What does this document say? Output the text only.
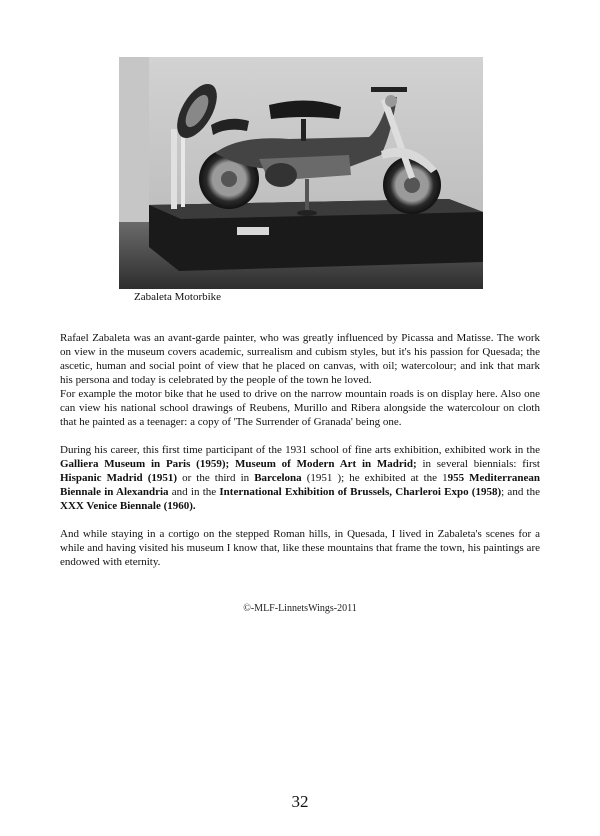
Zabaleta Motorbike

Rafael Zabaleta was an avant-garde painter, who was greatly influenced by Picassa and Matisse. The work on view in the museum covers academic, surrealism and cubism styles, but it's his passion for Quesada; the ascetic, human and social point of view that he placed on canvas, with oil; watercolour; and ink that mark his persona and today is celebrated by the people of the town he loved.

For example the motor bike that he used to drive on the narrow mountain roads is on display here. Also one can view his national school drawings of Reubens, Murillo and Ribera alongside the watercolour on cloth that he painted as a teenager: a copy of 'The Surrender of Granada' being one.

During his career, this first time participant of the 1931 school of fine arts exhibition, exhibited work in the Galliera Museum in Paris (1959); Museum of Modern Art in Madrid; in several biennials: first Hispanic Madrid (1951) or the third in Barcelona (1951 ); he exhibited at the 1955 Mediterranean Biennale in Alexandria and in the International Exhibition of Brussels, Charleroi Expo (1958); and the XXX Venice Biennale (1960).

And while staying in a cortigo on the stepped Roman hills, in Quesada, I lived in Zabaleta's scenes for a while and having visited his museum I know that, like these mountains that frame the town, his paintings are endowed with eternity.

©-MLF-LinnetsWings-2011
32
